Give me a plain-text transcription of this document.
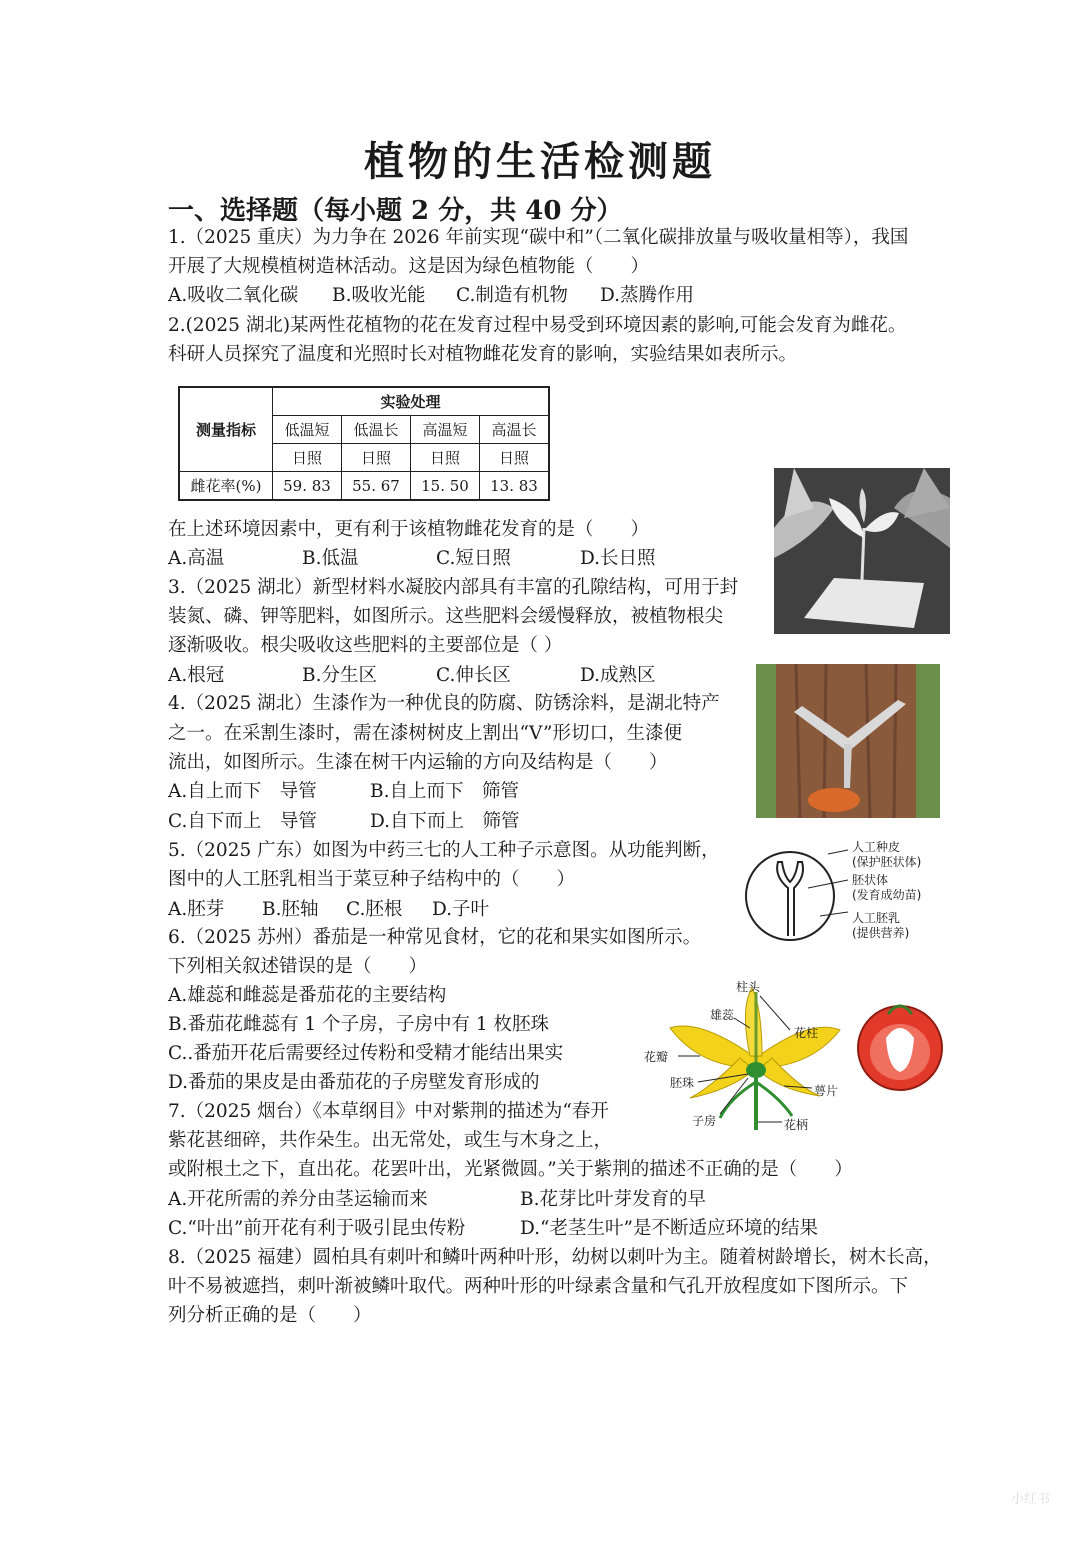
植物的生活检测题
一、选择题（每小题 2 分，共 40 分）
1.（2025 重庆）为力争在 2026 年前实现“碳中和”（二氧化碳排放量与吸收量相等），我国
开展了大规模植树造林活动。这是因为绿色植物能（　　）
A.吸收二氧化碳 B.吸收光能 C.制造有机物 D.蒸腾作用
2.(2025 湖北)某两性花植物的花在发育过程中易受到环境因素的影响,可能会发育为雌花。
科研人员探究了温度和光照时长对植物雌花发育的影响，实验结果如表所示。
测量指标	实验处理			
	低温短	低温长	高温短	高温长
	日照	日照	日照	日照
雌花率(%)	59. 83	55. 67	15. 50	13. 83
在上述环境因素中，更有利于该植物雌花发育的是（　　）
A.高温	B.低温	C.短日照	D.长日照
3.（2025 湖北）新型材料水凝胶内部具有丰富的孔隙结构，可用于封
装氮、磷、钾等肥料，如图所示。这些肥料会缓慢释放，被植物根尖
逐渐吸收。根尖吸收这些肥料的主要部位是（ ）
A.根冠	B.分生区	C.伸长区	D.成熟区
4.（2025 湖北）生漆作为一种优良的防腐、防锈涂料，是湖北特产
之一。在采割生漆时，需在漆树树皮上割出“V”形切口，生漆便
流出，如图所示。生漆在树干内运输的方向及结构是（　　）
A.自上而下　导管	B.自上而下　筛管
C.自下而上　导管	D.自下而上　筛管
5.（2025 广东）如图为中药三七的人工种子示意图。从功能判断，
图中的人工胚乳相当于菜豆种子结构中的（　　）
A.胚芽 B.胚轴 C.胚根 D.子叶
人工种皮
(保护胚状体)
胚状体
(发育成幼苗)
人工胚乳
(提供营养)
6.（2025 苏州）番茄是一种常见食材，它的花和果实如图所示。
下列相关叙述错误的是（　　）
A.雄蕊和雌蕊是番茄花的主要结构
B.番茄花雌蕊有 1 个子房，子房中有 1 枚胚珠
C..番茄开花后需要经过传粉和受精才能结出果实
D.番茄的果皮是由番茄花的子房壁发育形成的
柱头
雄蕊
花柱
花瓣
胚珠
萼片
子房	花柄
7.（2025 烟台）《本草纲目》中对紫荆的描述为“春开
紫花甚细碎，共作朵生。出无常处，或生与木身之上，
或附根土之下，直出花。花罢叶出，光紧微圆。”关于紫荆的描述不正确的是（　　）
A.开花所需的养分由茎运输而来	B.花芽比叶芽发育的早
C.“叶出”前开花有利于吸引昆虫传粉	D.“老茎生叶”是不断适应环境的结果
8.（2025 福建）圆柏具有刺叶和鳞叶两种叶形，幼树以刺叶为主。随着树龄增长，树木长高，
叶不易被遮挡，刺叶渐被鳞叶取代。两种叶形的叶绿素含量和气孔开放程度如下图所示。下
列分析正确的是（　　）
小红书
